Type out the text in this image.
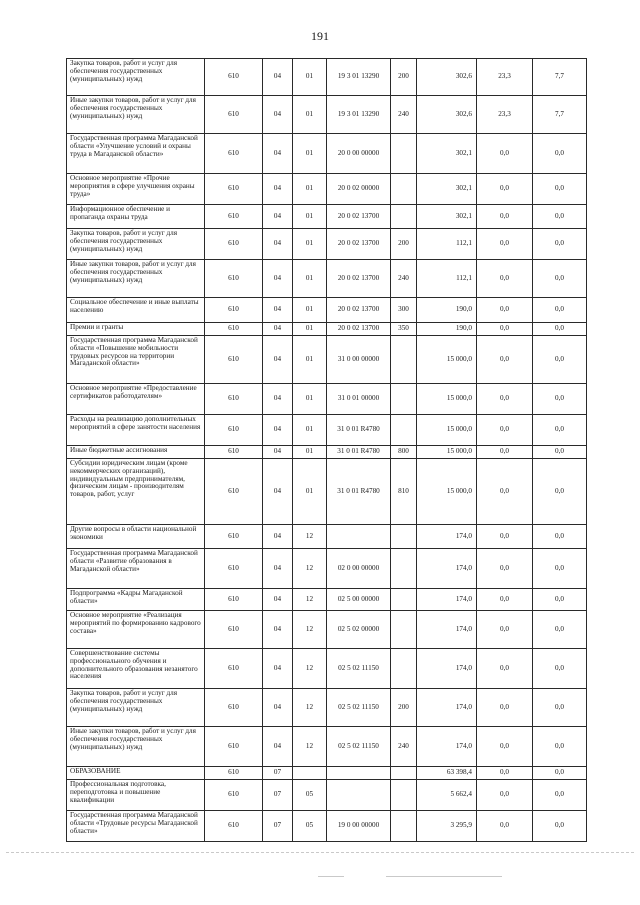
191
Закупка товаров, работ и услуг для обеспечения государственных (муниципальных) нужд	610	04	01	19 3 01 13290	200	302,6	23,3	7,7
Иные закупки товаров, работ и услуг для обеспечения государственных (муниципальных) нужд	610	04	01	19 3 01 13290	240	302,6	23,3	7,7
Государственная программа Магаданской области «Улучшение условий и охраны труда в Магаданской области»	610	04	01	20 0 00 00000		302,1	0,0	0,0
Основное мероприятие «Прочие мероприятия в сфере улучшения охраны труда»	610	04	01	20 0 02 00000		302,1	0,0	0,0
Информационное обеспечение и пропаганда охраны труда	610	04	01	20 0 02 13700		302,1	0,0	0,0
Закупка товаров, работ и услуг для обеспечения государственных (муниципальных) нужд	610	04	01	20 0 02 13700	200	112,1	0,0	0,0
Иные закупки товаров, работ и услуг для обеспечения государственных (муниципальных) нужд	610	04	01	20 0 02 13700	240	112,1	0,0	0,0
Социальное обеспечение и иные выплаты населению	610	04	01	20 0 02 13700	300	190,0	0,0	0,0
Премии и гранты	610	04	01	20 0 02 13700	350	190,0	0,0	0,0
Государственная программа Магаданской области «Повышение мобильности трудовых ресурсов на территории Магаданской области»	610	04	01	31 0 00 00000		15 000,0	0,0	0,0
Основное мероприятие «Предоставление сертификатов работодателям»	610	04	01	31 0 01 00000		15 000,0	0,0	0,0
Расходы на реализацию дополнительных мероприятий в сфере занятости населения	610	04	01	31 0 01 R4780		15 000,0	0,0	0,0
Иные бюджетные ассигнования	610	04	01	31 0 01 R4780	800	15 000,0	0,0	0,0
Субсидии юридическим лицам (кроме некоммерческих организаций), индивидуальным предпринимателям, физическим лицам - производителям товаров, работ, услуг	610	04	01	31 0 01 R4780	810	15 000,0	0,0	0,0
Другие вопросы в области национальной экономики	610	04	12			174,0	0,0	0,0
Государственная программа Магаданской области «Развитие образования в Магаданской области»	610	04	12	02 0 00 00000		174,0	0,0	0,0
Подпрограмма «Кадры Магаданской области»	610	04	12	02 5 00 00000		174,0	0,0	0,0
Основное мероприятие «Реализация мероприятий по формированию кадрового состава»	610	04	12	02 5 02 00000		174,0	0,0	0,0
Совершенствование системы профессионального обучения и дополнительного образования незанятого населения	610	04	12	02 5 02 11150		174,0	0,0	0,0
Закупка товаров, работ и услуг для обеспечения государственных (муниципальных) нужд	610	04	12	02 5 02 11150	200	174,0	0,0	0,0
Иные закупки товаров, работ и услуг для обеспечения государственных (муниципальных) нужд	610	04	12	02 5 02 11150	240	174,0	0,0	0,0
ОБРАЗОВАНИЕ	610	07				63 398,4	0,0	0,0
Профессиональная подготовка, переподготовка и повышение квалификации	610	07	05			5 662,4	0,0	0,0
Государственная программа Магаданской области «Трудовые ресурсы Магаданской области»	610	07	05	19 0 00 00000		3 295,9	0,0	0,0
